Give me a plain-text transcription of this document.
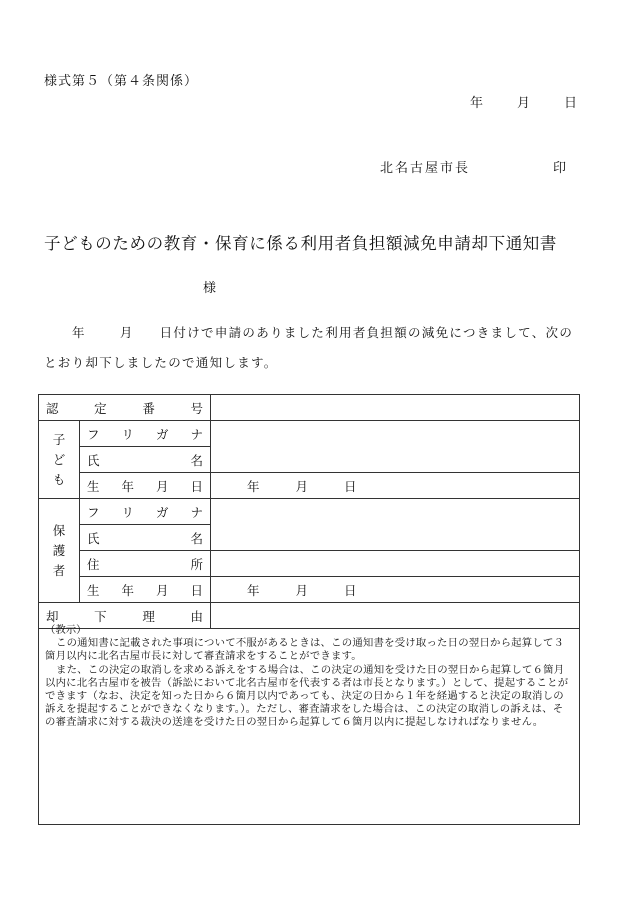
様式第５（第４条関係）
年	月	日
北名古屋市長	印
子どものための教育・保育に係る利用者負担額減免申請却下通知書
様
年	月 日付けで申請のありました利用者負担額の減免につきまして、次の
とおり却下しましたので通知します。
認 定 番 号		

子
ど
も	フ リ ガ ナ	

	氏 名	

	生 年 月 日	年 月 日
保
護
者	フ リ ガ ナ	

	氏 名	

	住 所	

	生 年 月 日	年 月 日

却 下 理 由		

（教示）

この通知書に記載された事項について不服があるときは、この通知書を受け取った日の翌日から起算して３箇月以内に北名古屋市長に対して審査請求をすることができます。

また、この決定の取消しを求める訴えをする場合は、この決定の通知を受けた日の翌日から起算して６箇月以内に北名古屋市を被告（訴訟において北名古屋市を代表する者は市長となります。）として、提起することができます（なお、決定を知った日から６箇月以内であっても、決定の日から１年を経過すると決定の取消しの訴えを提起することができなくなります。）。ただし、審査請求をした場合は、この決定の取消しの訴えは、その審査請求に対する裁決の送達を受けた日の翌日から起算して６箇月以内に提起しなければなりません。
